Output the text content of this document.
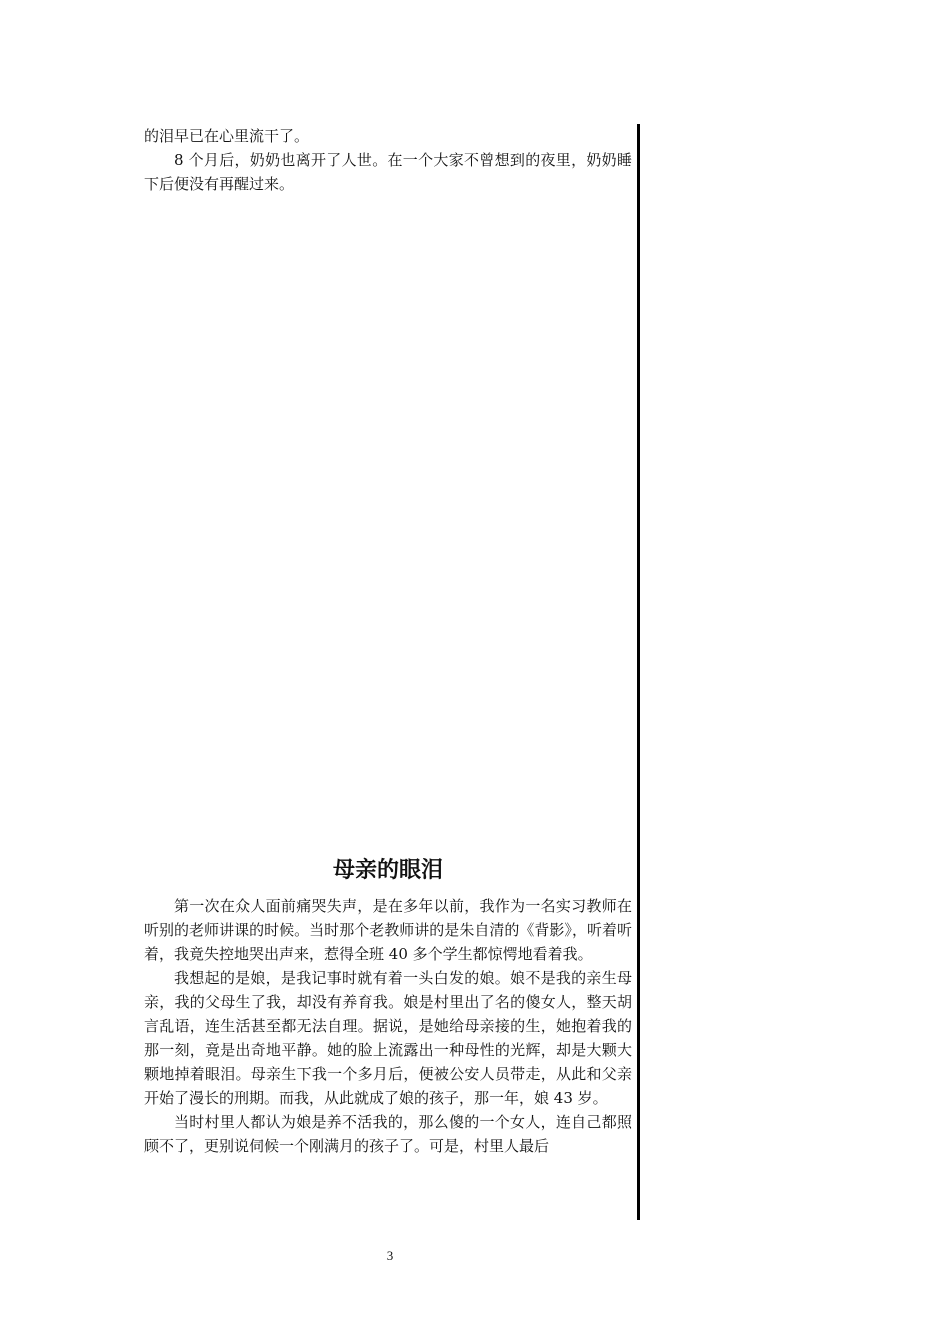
的泪早已在心里流干了。

8 个月后，奶奶也离开了人世。在一个大家不曾想到的夜里，奶奶睡下后便没有再醒过来。

母亲的眼泪

第一次在众人面前痛哭失声，是在多年以前，我作为一名实习教师在听别的老师讲课的时候。当时那个老教师讲的是朱自清的《背影》，听着听着，我竟失控地哭出声来，惹得全班 40 多个学生都惊愕地看着我。

我想起的是娘，是我记事时就有着一头白发的娘。娘不是我的亲生母亲，我的父母生了我，却没有养育我。娘是村里出了名的傻女人，整天胡言乱语，连生活甚至都无法自理。据说，是她给母亲接的生，她抱着我的那一刻，竟是出奇地平静。她的脸上流露出一种母性的光辉，却是大颗大颗地掉着眼泪。母亲生下我一个多月后，便被公安人员带走，从此和父亲开始了漫长的刑期。而我，从此就成了娘的孩子，那一年，娘 43 岁。

当时村里人都认为娘是养不活我的，那么傻的一个女人，连自己都照顾不了，更别说伺候一个刚满月的孩子了。可是，村里人最后

3
